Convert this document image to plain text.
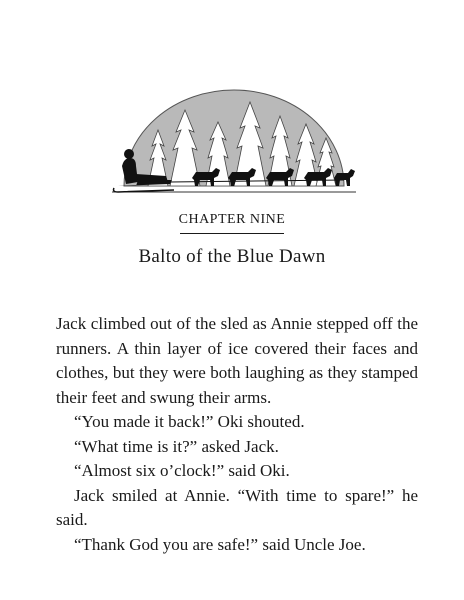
CHAPTER NINE
Balto of the Blue Dawn

Jack climbed out of the sled as Annie stepped off the runners. A thin layer of ice covered their faces and clothes, but they were both laughing as they stamped their feet and swung their arms.

“You made it back!” Oki shouted.

“What time is it?” asked Jack.

“Almost six o’clock!” said Oki.

Jack smiled at Annie. “With time to spare!” he said.

“Thank God you are safe!” said Uncle Joe.
